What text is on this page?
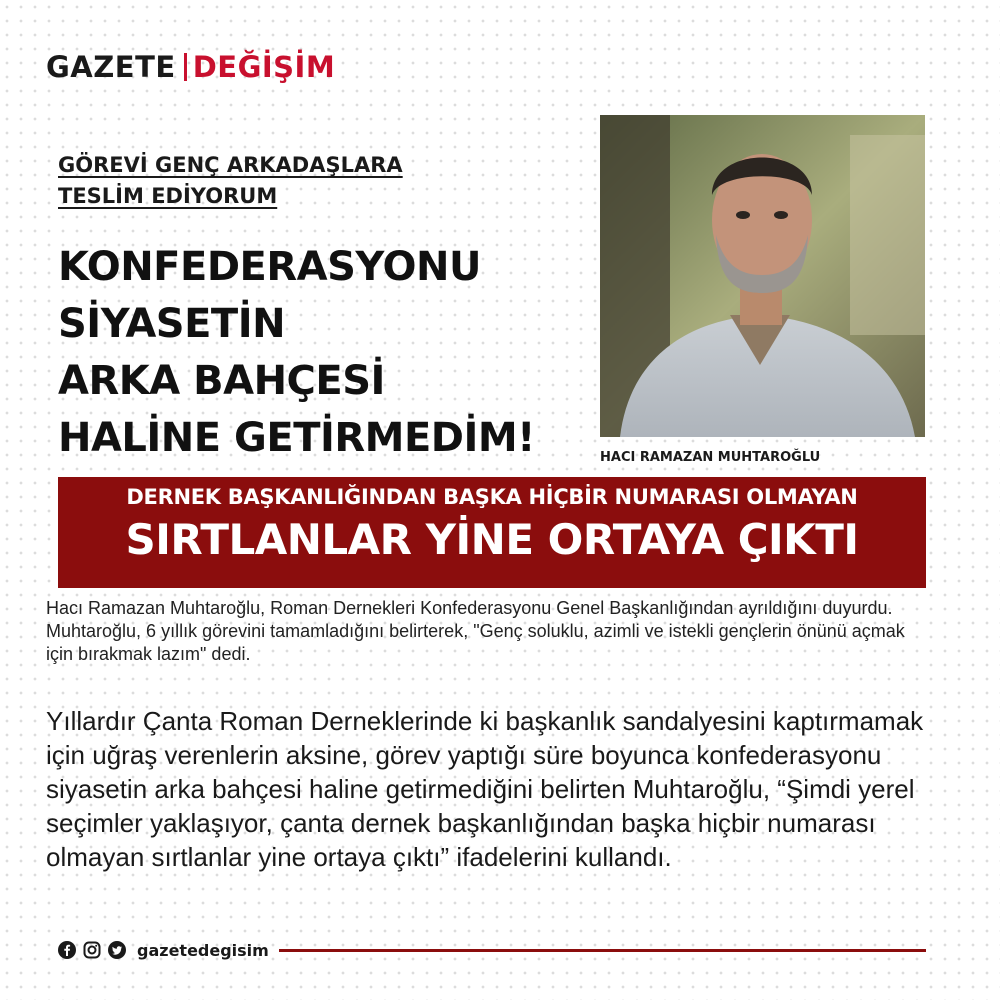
GAZETE DEĞİŞİM
GÖREVİ GENÇ ARKADAŞLARA
TESLİM EDİYORUM
KONFEDERASYONU
SİYASETİN
ARKA BAHÇESİ
HALİNE GETİRMEDİM!	HACI RAMAZAN MUHTAROĞLU
DERNEK BAŞKANLIĞINDAN BAŞKA HİÇBİR NUMARASI OLMAYAN
SIRTLANLAR YİNE ORTAYA ÇIKTI
Hacı Ramazan Muhtaroğlu, Roman Dernekleri Konfederasyonu Genel Başkanlığından ayrıldığını duyurdu. Muhtaroğlu, 6 yıllık görevini tamamladığını belirterek, "Genç soluklu, azimli ve istekli gençlerin önünü açmak için bırakmak lazım" dedi.
Yıllardır Çanta Roman Derneklerinde ki başkanlık sandalyesini kaptırmamak için uğraş verenlerin aksine, görev yaptığı süre boyunca konfederasyonu siyasetin arka bahçesi haline getirmediğini belirten Muhtaroğlu, “Şimdi yerel seçimler yaklaşıyor, çanta dernek başkanlığından başka hiçbir numarası olmayan sırtlanlar yine ortaya çıktı” ifadelerini kullandı.
gazetedegisim
